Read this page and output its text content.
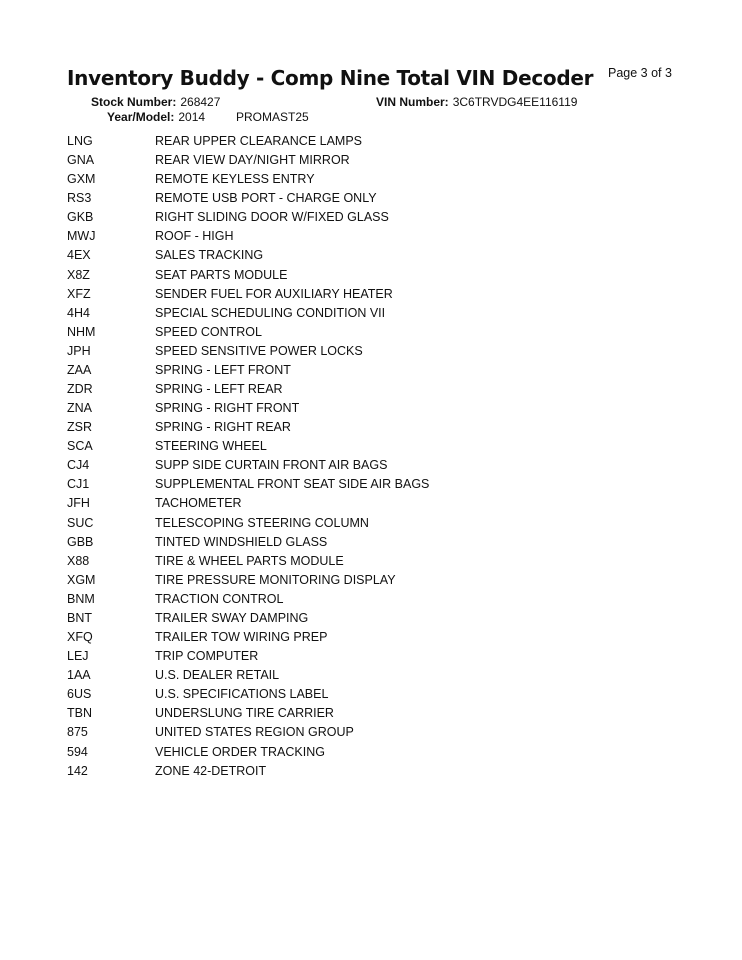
Inventory Buddy - Comp Nine Total VIN Decoder Page 3 of 3
Stock Number: 268427	VIN Number: 3C6TRVDG4EE116119
Year/Model: 2014	PROMAST25
LNG	REAR UPPER CLEARANCE LAMPS
GNA	REAR VIEW DAY/NIGHT MIRROR
GXM	REMOTE KEYLESS ENTRY
RS3	REMOTE USB PORT - CHARGE ONLY
GKB	RIGHT SLIDING DOOR W/FIXED GLASS
MWJ	ROOF - HIGH
4EX	SALES TRACKING
X8Z	SEAT PARTS MODULE
XFZ	SENDER FUEL FOR AUXILIARY HEATER
4H4	SPECIAL SCHEDULING CONDITION VII
NHM	SPEED CONTROL
JPH	SPEED SENSITIVE POWER LOCKS
ZAA	SPRING - LEFT FRONT
ZDR	SPRING - LEFT REAR
ZNA	SPRING - RIGHT FRONT
ZSR	SPRING - RIGHT REAR
SCA	STEERING WHEEL
CJ4	SUPP SIDE CURTAIN FRONT AIR BAGS
CJ1	SUPPLEMENTAL FRONT SEAT SIDE AIR BAGS
JFH	TACHOMETER
SUC	TELESCOPING STEERING COLUMN
GBB	TINTED WINDSHIELD GLASS
X88	TIRE & WHEEL PARTS MODULE
XGM	TIRE PRESSURE MONITORING DISPLAY
BNM	TRACTION CONTROL
BNT	TRAILER SWAY DAMPING
XFQ	TRAILER TOW WIRING PREP
LEJ	TRIP COMPUTER
1AA	U.S. DEALER RETAIL
6US	U.S. SPECIFICATIONS LABEL
TBN	UNDERSLUNG TIRE CARRIER
875	UNITED STATES REGION GROUP
594	VEHICLE ORDER TRACKING
142	ZONE 42-DETROIT
